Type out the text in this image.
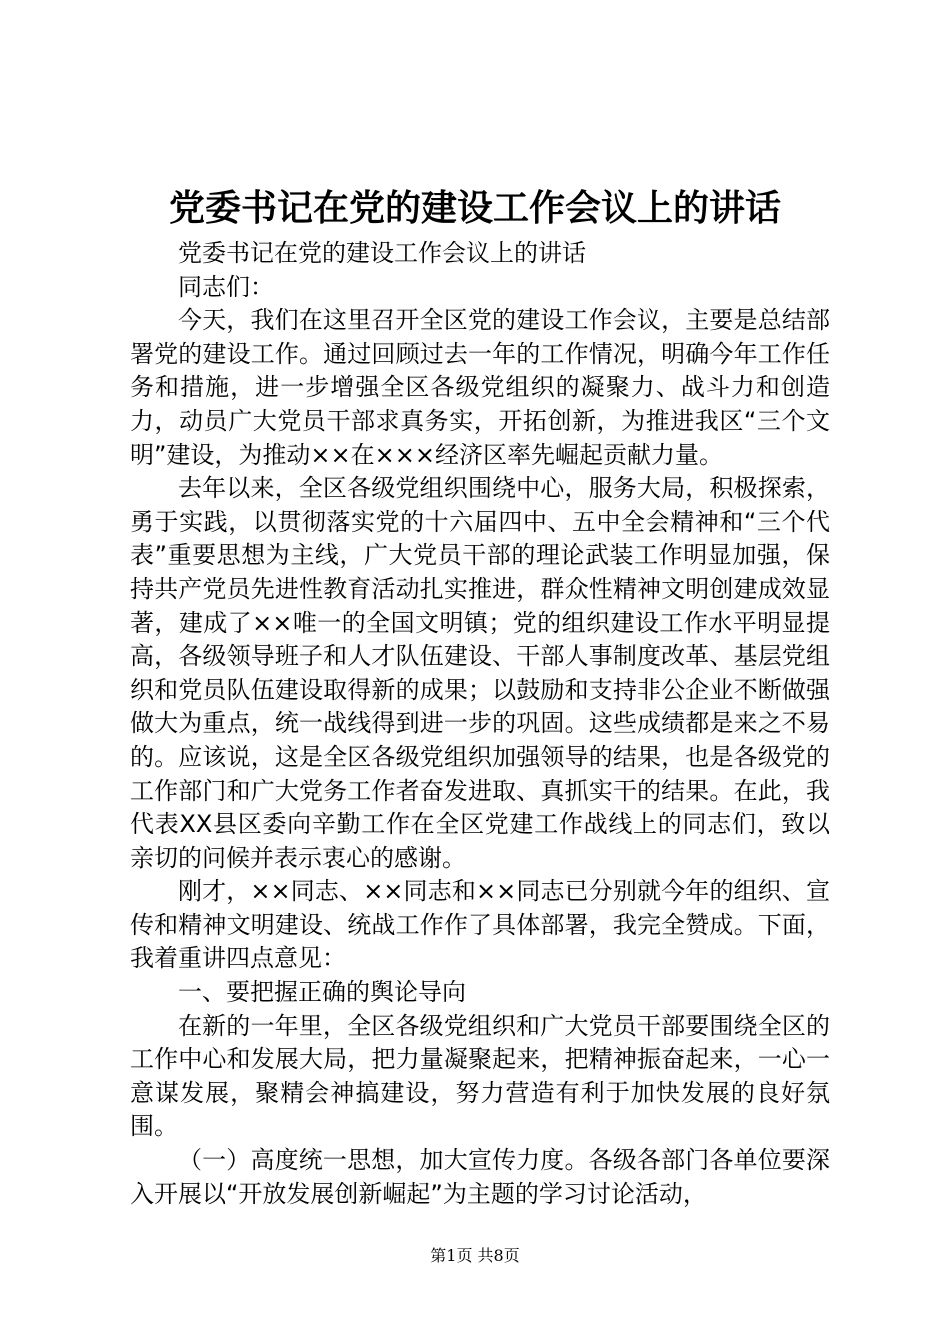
党委书记在党的建设工作会议上的讲话

党委书记在党的建设工作会议上的讲话

同志们：

今天，我们在这里召开全区党的建设工作会议，主要是总结部署党的建设工作。通过回顾过去一年的工作情况，明确今年工作任务和措施，进一步增强全区各级党组织的凝聚力、战斗力和创造力，动员广大党员干部求真务实，开拓创新，为推进我区“三个文明”建设，为推动××在×××经济区率先崛起贡献力量。

去年以来，全区各级党组织围绕中心，服务大局，积极探索，勇于实践，以贯彻落实党的十六届四中、五中全会精神和“三个代表”重要思想为主线，广大党员干部的理论武装工作明显加强，保持共产党员先进性教育活动扎实推进，群众性精神文明创建成效显著，建成了××唯一的全国文明镇；党的组织建设工作水平明显提高，各级领导班子和人才队伍建设、干部人事制度改革、基层党组织和党员队伍建设取得新的成果；以鼓励和支持非公企业不断做强做大为重点，统一战线得到进一步的巩固。这些成绩都是来之不易的。应该说，这是全区各级党组织加强领导的结果，也是各级党的工作部门和广大党务工作者奋发进取、真抓实干的结果。在此，我代表XX县区委向辛勤工作在全区党建工作战线上的同志们，致以亲切的问候并表示衷心的感谢。

刚才，××同志、××同志和××同志已分别就今年的组织、宣传和精神文明建设、统战工作作了具体部署，我完全赞成。下面，我着重讲四点意见：

一、要把握正确的舆论导向

在新的一年里，全区各级党组织和广大党员干部要围绕全区的工作中心和发展大局，把力量凝聚起来，把精神振奋起来，一心一意谋发展，聚精会神搞建设，努力营造有利于加快发展的良好氛围。

（一）高度统一思想，加大宣传力度。各级各部门各单位要深入开展以“开放发展创新崛起”为主题的学习讨论活动，

第1页 共8页
